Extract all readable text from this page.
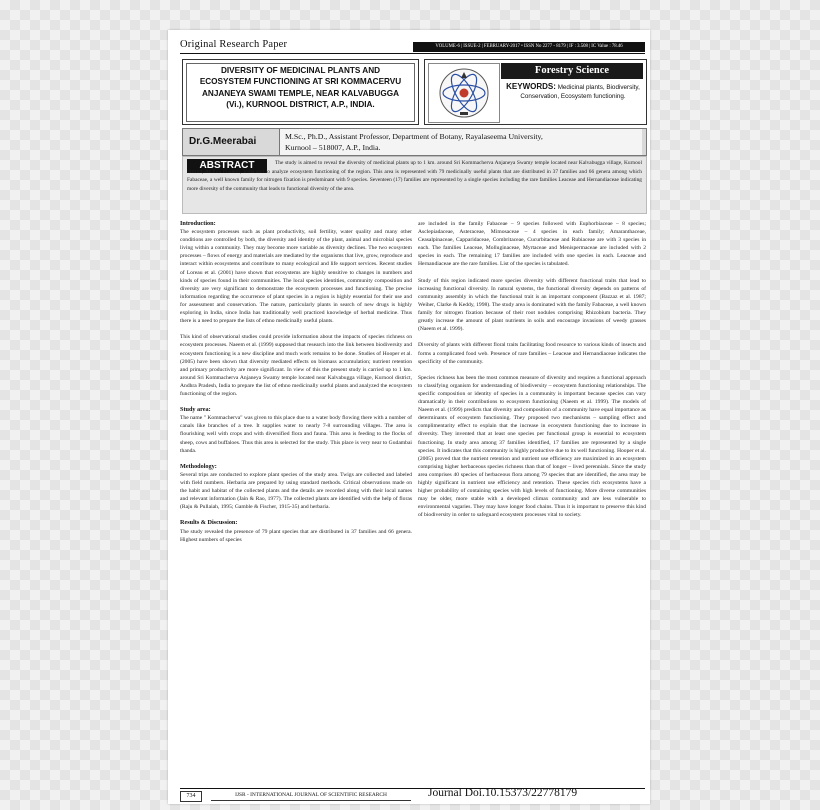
Original Research Paper	VOLUME-6 | ISSUE-2 | FEBRUARY-2017 • ISSN No 2277 - 8179 | IF : 3.508 | IC Value : 78.46
DIVERSITY OF MEDICINAL PLANTS AND
ECOSYSTEM FUNCTIONING AT SRI KOMMACERVU
ANJANEYA SWAMI TEMPLE, NEAR KALVABUGGA
(Vi.), KURNOOL DISTRICT, A.P., INDIA.
Forestry Science
KEYWORDS: Medicinal plants, Biodiversity, Conservation, Ecosystem functioning.
Dr.G.Meerabai	M.Sc., Ph.D., Assistant Professor, Department of Botany, Rayalaseema University,
Kurnool – 518007, A.P., India.
ABSTRACT	The study is aimed to reveal the diversity of medicinal plants up to 1 km. around Sri Kommacherva Anjaneya Swamy temple located near Kalvabugga village, Kurnool district, Andhra Pradesh, India and to analyze ecosystem functioning of the region. This area is represented with 79 medicinally useful plants that are distributed in 37 families and 66 genera among which Fabaceae, a well known family for nitrogen fixation is predominant with 9 species. Seventeen (17) families are represented by a single species including the rare families Leaceae and Hernandiaceae indicating more diversity of the community that leads to functional diversity of the area.
Introduction:

The ecosystem processes such as plant productivity, soil fertility, water quality and many other conditions are controlled by both, the diversity and identity of the plant, animal and microbial species living within a community. They may become more variable as diversity declines. The two ecosystem processes – flows of energy and materials are mediated by the organisms that live, grow, reproduce and interact within ecosystems and contribute to many ecological and life support services. Recent studies of Loreau et al. (2001) have shown that ecosystems are highly sensitive to changes in numbers and kinds of species found in their communities. The local species identities, community composition and diversity are very significant to demonstrate the ecosystem processes and functioning. The precise information regarding the occurrence of plant species in a region is highly essential for their use and for assessment and conservation. The nature, particularly plants in search of new drugs is highly exploring in India, since India has traditionally well practiced knowledge of herbal medicine. Thus there is a need to prepare the lists of ethno medicinally useful plants.

This kind of observational studies could provide information about the impacts of species richness on ecosystem processes. Naeem et al. (1999) supposed that research into the link between biodiversity and ecosystem functioning is a new discipline and much work remains to be done. Studies of Hooper et al. (2005) have been shown that diversity mediated effects on biomass accumulation; nutrient retention and primary productivity are more significant. In view of this the present study is carried up to 1 km. around Sri Kommacherva Anjaneya Swamy temple located near Kalvabugga village, Kurnool district, Andhra Pradesh, India to prepare the list of ethno medicinally useful plants and analyzed the ecosystem functioning of the region.

Study area:

The name " Kommacherva" was given to this place due to a water body flowing there with a number of canals like branches of a tree. It supplies water to nearly 7-8 surrounding villages. The area is flourishing well with crops and with diversified flora and fauna. This area is feeding to the flocks of sheep, cows and buffaloes. Thus this area is selected for the study. This place is very near to Gudambai thanda.

Methodology:

Several trips are conducted to explore plant species of the study area. Twigs are collected and labeled with field numbers. Herbaria are prepared by using standard methods. Critical observations made on the habit and habitat of the collected plants and the details are recorded along with their local names and relevant information (Jain & Rao, 1977). The collected plants are identified with the help of floras (Raju & Pullaiah, 1995; Gamble & Fischer, 1915-35) and herbaria.

Results & Discussion:

The study revealed the presence of 79 plant species that are distributed in 37 families and 66 genera. Highest numbers of species

are included in the family Fabaceae – 9 species followed with Euphorbiaceae – 8 species; Asclepiadaceae, Asteraceae, Mimosaceae – 4 species in each family; Amaranthaceae, Ceasalpinaceae, Capparidaceae, Combritaceae, Cucurbitaceae and Rubiaceae are with 3 species in each. The families Leaceae, Molluginaceae, Myrtaceae and Menispermaceae are included with 2 species in each. The remaining 17 families are included with one species in each. Leaceae and Hernandiaceae are the rare families. List of the species is tabulated.

Study of this region indicated more species diversity with different functional traits that lead to increasing functional diversity. In natural systems, the functional diversity depends on patterns of community assembly in which the functional trait is an important component (Bazzaz et al. 1987; Weiher, Clarke & Keddy, 1998). The study area is dominated with the family Fabaceae, a well known family for nitrogen fixation because of their root nodules comprising Rhizobium bacteria. They greatly increase the amount of plant nutrients in soils and encourage invasions of weedy grasses (Naeem et al. 1999).

Diversity of plants with different floral traits facilitating food resource to various kinds of insects and forms a complicated food web. Presence of rare families – Leaceae and Hernandiaceae indicates the specificity of the community.

Species richness has been the most common measure of diversity and requires a functional approach to classifying organism for understanding of biodiversity – ecosystem functioning relationships. The specific composition or identity of species in a community is important because species can vary dramatically in their contributions to ecosystem functioning (Naeem et al. 1999). The models of Naeem et al. (1999) predicts that diversity and composition of a community have equal importance as determinants of ecosystem functioning. They proposed two mechanisms – sampling effect and complimentarity effect to explain that the increase in ecosystem functioning due to increase in diversity. They invented that at least one species per functional group is essential to ecosystem functioning. In study area among 37 families identified, 17 families are represented by a single species. It indicates that this community is highly productive due to its well functioning. Hooper et al. (2005) proved that the nutrient retention and nutrient use efficiency are maximized in an ecosystem comprising higher herbaceous species richness than that of longer – lived perennials. Since the study area comprises 40 species of herbaceous flora among 79 species that are identified, the area may be highly significant in nutrient use efficiency and retention. These species rich ecosystems have a higher probability of containing species with high levels of functioning. More diverse communities may be older, more stable with a developed climax community and are less vulnerable to environmental vagaries. They may have longer food chains. Thus it is important to preserve this kind of biodiversity in order to safeguard ecosystem processes vital to society.

734	IJSR - INTERNATIONAL JOURNAL OF SCIENTIFIC RESEARCH	Journal Doi.10.15373/22778179
